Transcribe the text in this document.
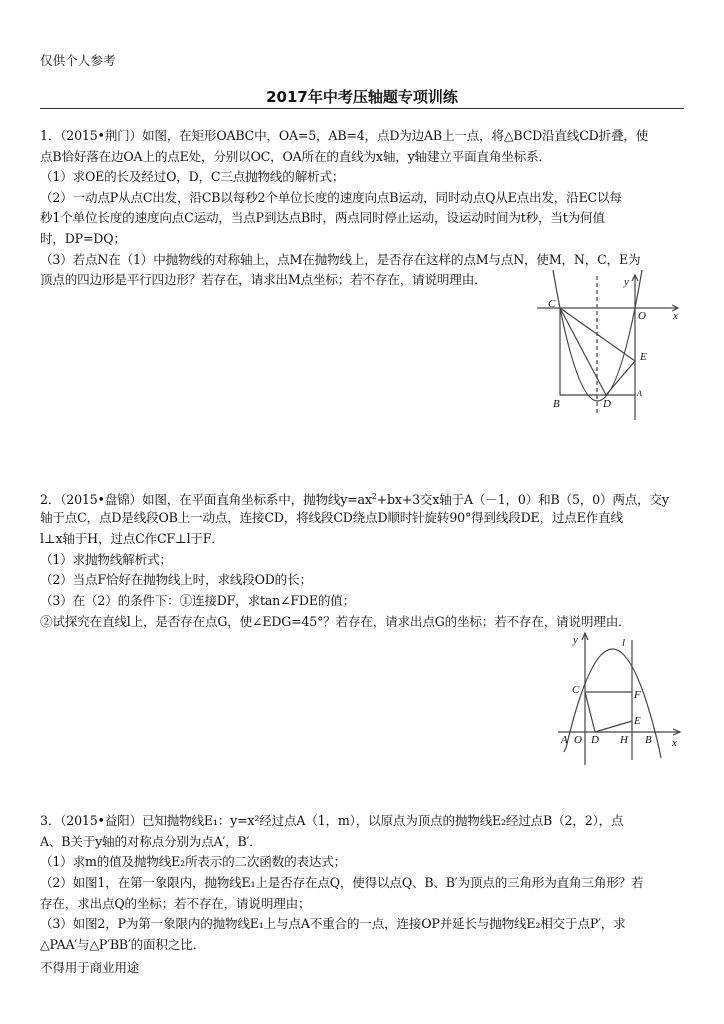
仅供个人参考
2017年中考压轴题专项训练
1．（2015•荆门）如图，在矩形OABC中，OA=5，AB=4，点D为边AB上一点，将△BCD沿直线CD折叠，使
点B恰好落在边OA上的点E处，分别以OC，OA所在的直线为x轴，y轴建立平面直角坐标系．
（1）求OE的长及经过O，D，C三点抛物线的解析式；
（2）一动点P从点C出发，沿CB以每秒2个单位长度的速度向点B运动，同时动点Q从E点出发，沿EC以每
秒1个单位长度的速度向点C运动，当点P到达点B时，两点同时停止运动，设运动时间为t秒，当t为何值
时，DP=DQ；
（3）若点N在（1）中抛物线的对称轴上，点M在抛物线上，是否存在这样的点M与点N，使M，N，C，E为
顶点的四边形是平行四边形？若存在，请求出M点坐标；若不存在，请说明理由．	y
x
C
O
E
B	D
A
y	l
C	F
E
A O D H B x
2．（2015•盘锦）如图，在平面直角坐标系中，抛物线$y=ax^2+bx+3$交x轴于A（－1，0）和B（5，0）两点，交y
轴于点C，点D是线段OB上一动点，连接CD，将线段CD绕点D顺时针旋转90°得到线段DE，过点E作直线
l⊥x轴于H，过点C作CF⊥l于F．
（1）求抛物线解析式；
（2）当点F恰好在抛物线上时，求线段OD的长；
（3）在（2）的条件下：①连接DF，求tan∠FDE的值；
②试探究在直线l上，是否存在点G，使∠EDG=45°？若存在，请求出点G的坐标；若不存在，请说明理由．
3．（2015•益阳）已知抛物线E₁：y=x²经过点A（1，m），以原点为顶点的抛物线E₂经过点B（2，2），点
A、B关于y轴的对称点分别为点A′，B′．
（1）求m的值及抛物线E₂所表示的二次函数的表达式；
（2）如图1，在第一象限内，抛物线E₁上是否存在点Q，使得以点Q、B、B′为顶点的三角形为直角三角形？若
存在，求出点Q的坐标；若不存在，请说明理由；
（3）如图2，P为第一象限内的抛物线E₁上与点A不重合的一点，连接OP并延长与抛物线E₂相交于点P′，求
△PAA′与△P′BB′的面积之比．
不得用于商业用途
